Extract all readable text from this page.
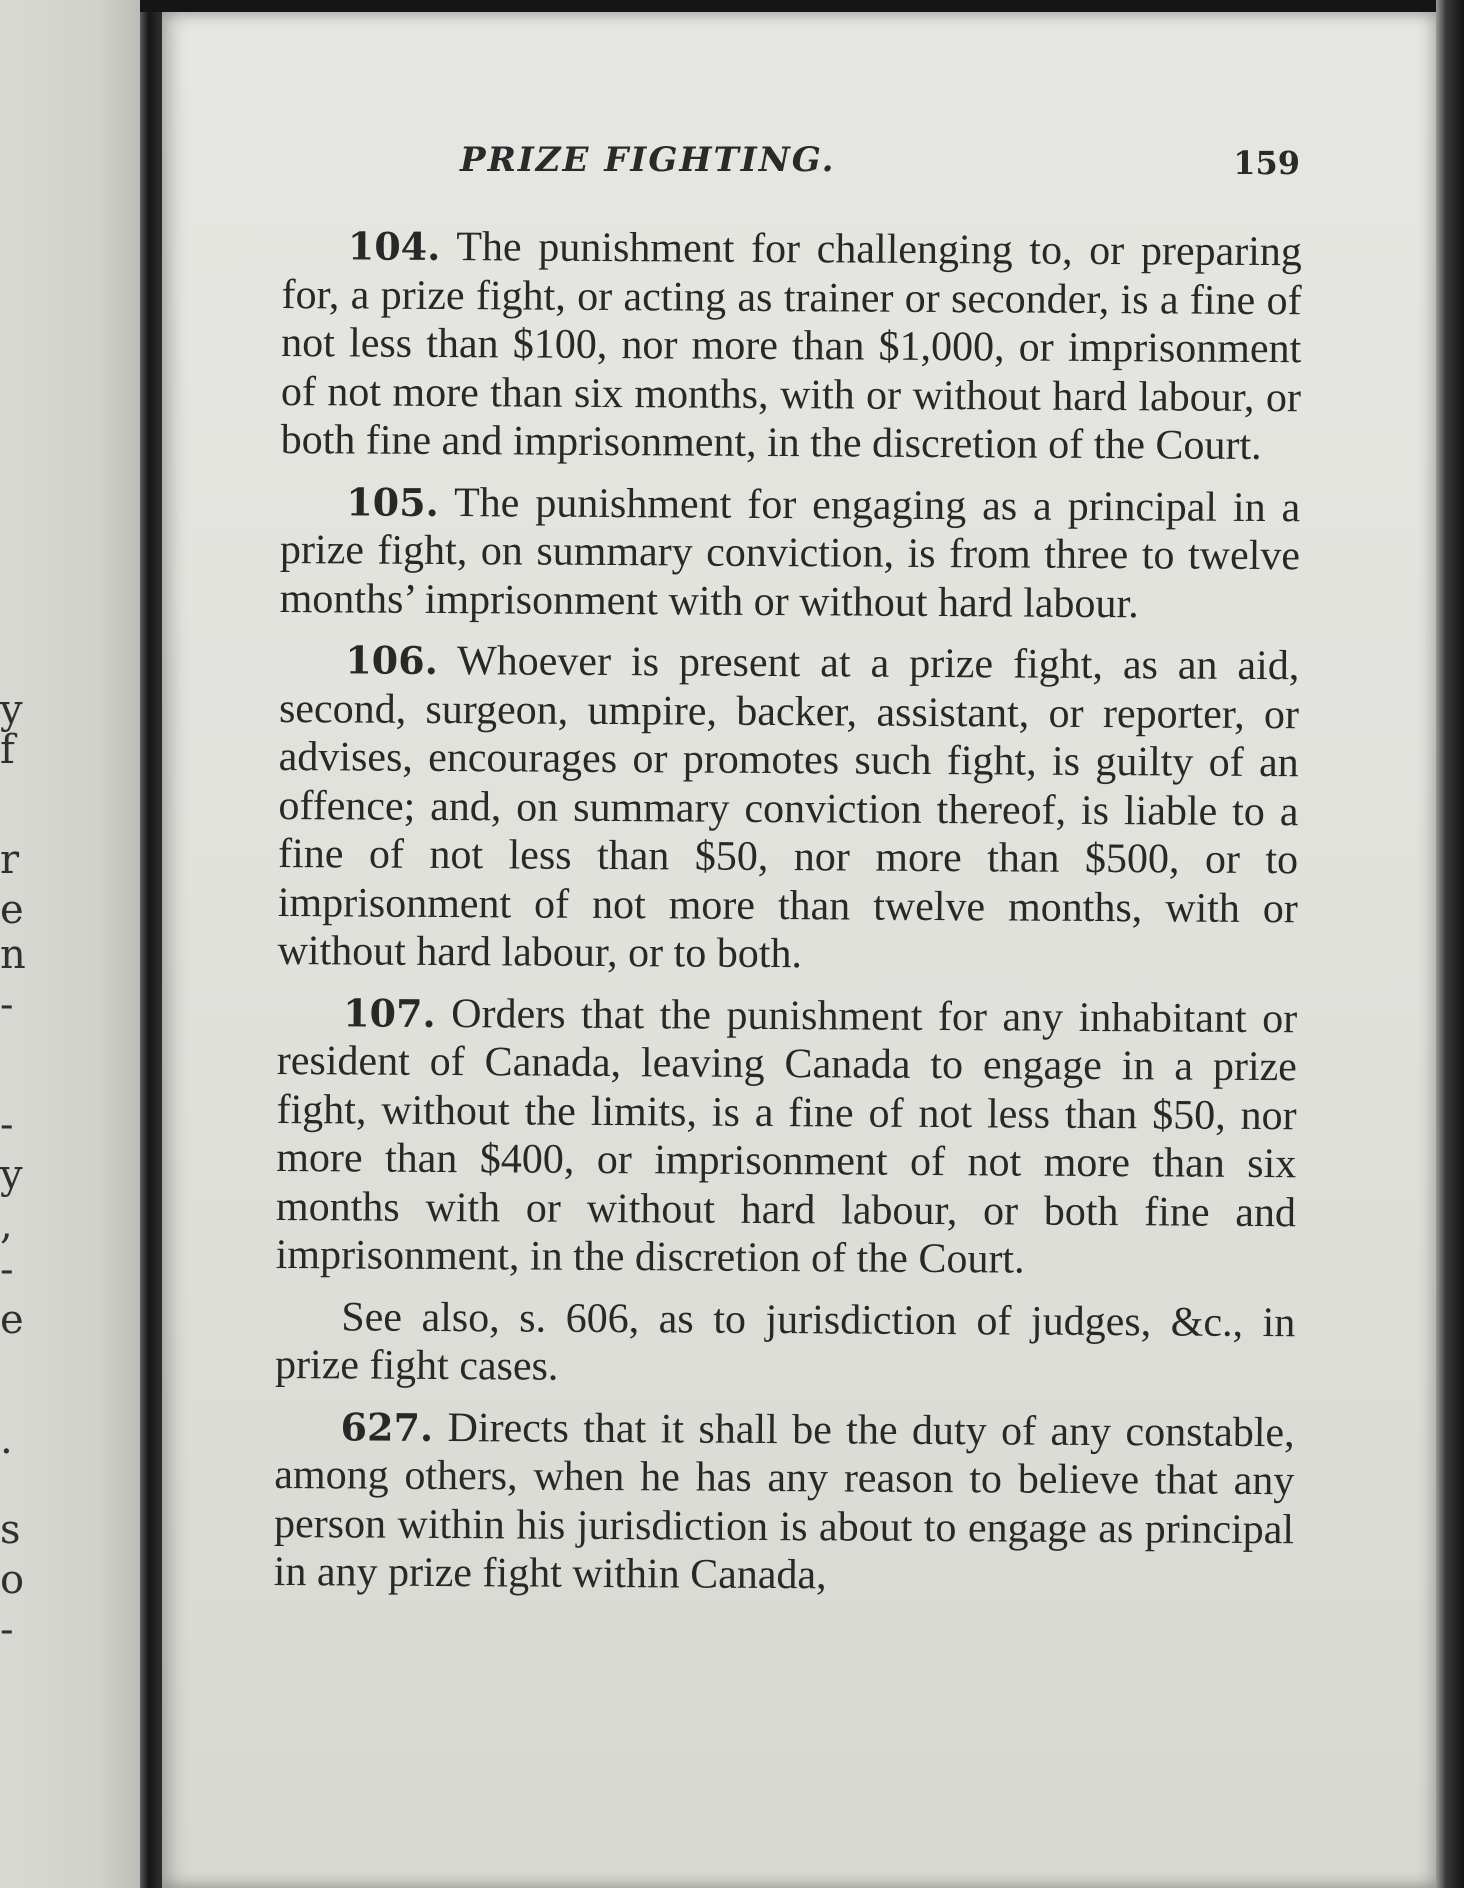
y
f
r
e
n
-
-
y
,
-
e
.
s
o
-
PRIZE FIGHTING.	159

104. The punishment for challenging to, or preparing for, a prize fight, or acting as trainer or seconder, is a fine of not less than $100, nor more than $1,000, or imprisonment of not more than six months, with or without hard labour, or both fine and imprisonment, in the discretion of the Court.

105. The punishment for engaging as a principal in a prize fight, on summary conviction, is from three to twelve months’ imprisonment with or without hard labour.

106. Whoever is present at a prize fight, as an aid, second, surgeon, umpire, backer, assistant, or reporter, or advises, encourages or promotes such fight, is guilty of an offence; and, on summary conviction thereof, is liable to a fine of not less than $50, nor more than $500, or to imprisonment of not more than twelve months, with or without hard labour, or to both.

107. Orders that the punishment for any inhabitant or resident of Canada, leaving Canada to engage in a prize fight, without the limits, is a fine of not less than $50, nor more than $400, or imprisonment of not more than six months with or without hard labour, or both fine and imprisonment, in the discretion of the Court.

See also, s. 606, as to jurisdiction of judges, &c., in prize fight cases.

627. Directs that it shall be the duty of any constable, among others, when he has any reason to believe that any person within his jurisdiction is about to engage as principal in any prize fight within Canada,
